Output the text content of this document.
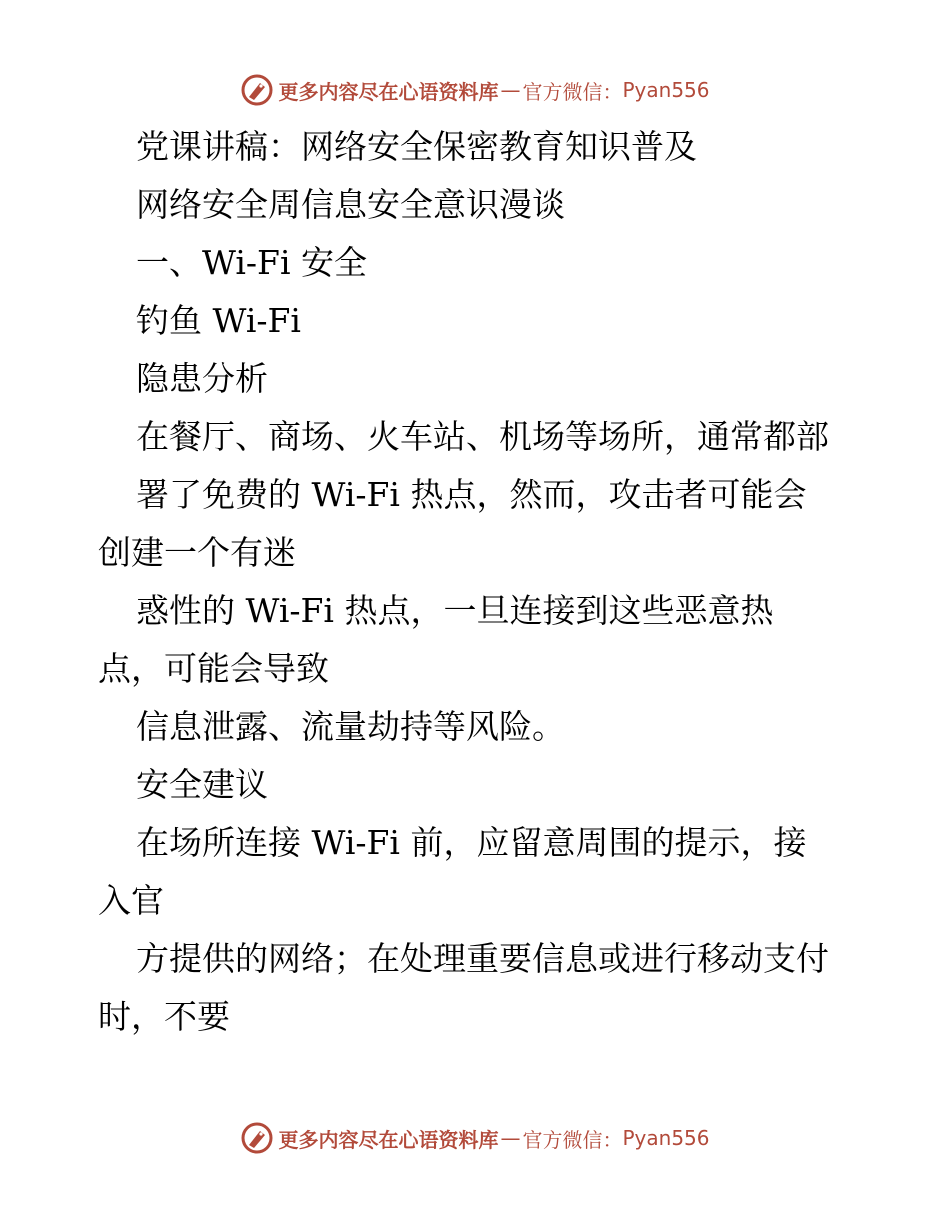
更多内容尽在心语资料库 — 官方微信： Pyan556

党课讲稿：网络安全保密教育知识普及

网络安全周信息安全意识漫谈

一、Wi-Fi 安全

钓鱼 Wi-Fi

隐患分析

在餐厅、商场、火车站、机场等场所，通常都部

署了免费的 Wi-Fi 热点，然而，攻击者可能会

创建一个有迷

惑性的 Wi-Fi 热点，一旦连接到这些恶意热

点，可能会导致

信息泄露、流量劫持等风险。

安全建议

在场所连接 Wi-Fi 前，应留意周围的提示，接

入官

方提供的网络；在处理重要信息或进行移动支付

时，不要

更多内容尽在心语资料库 — 官方微信： Pyan556
